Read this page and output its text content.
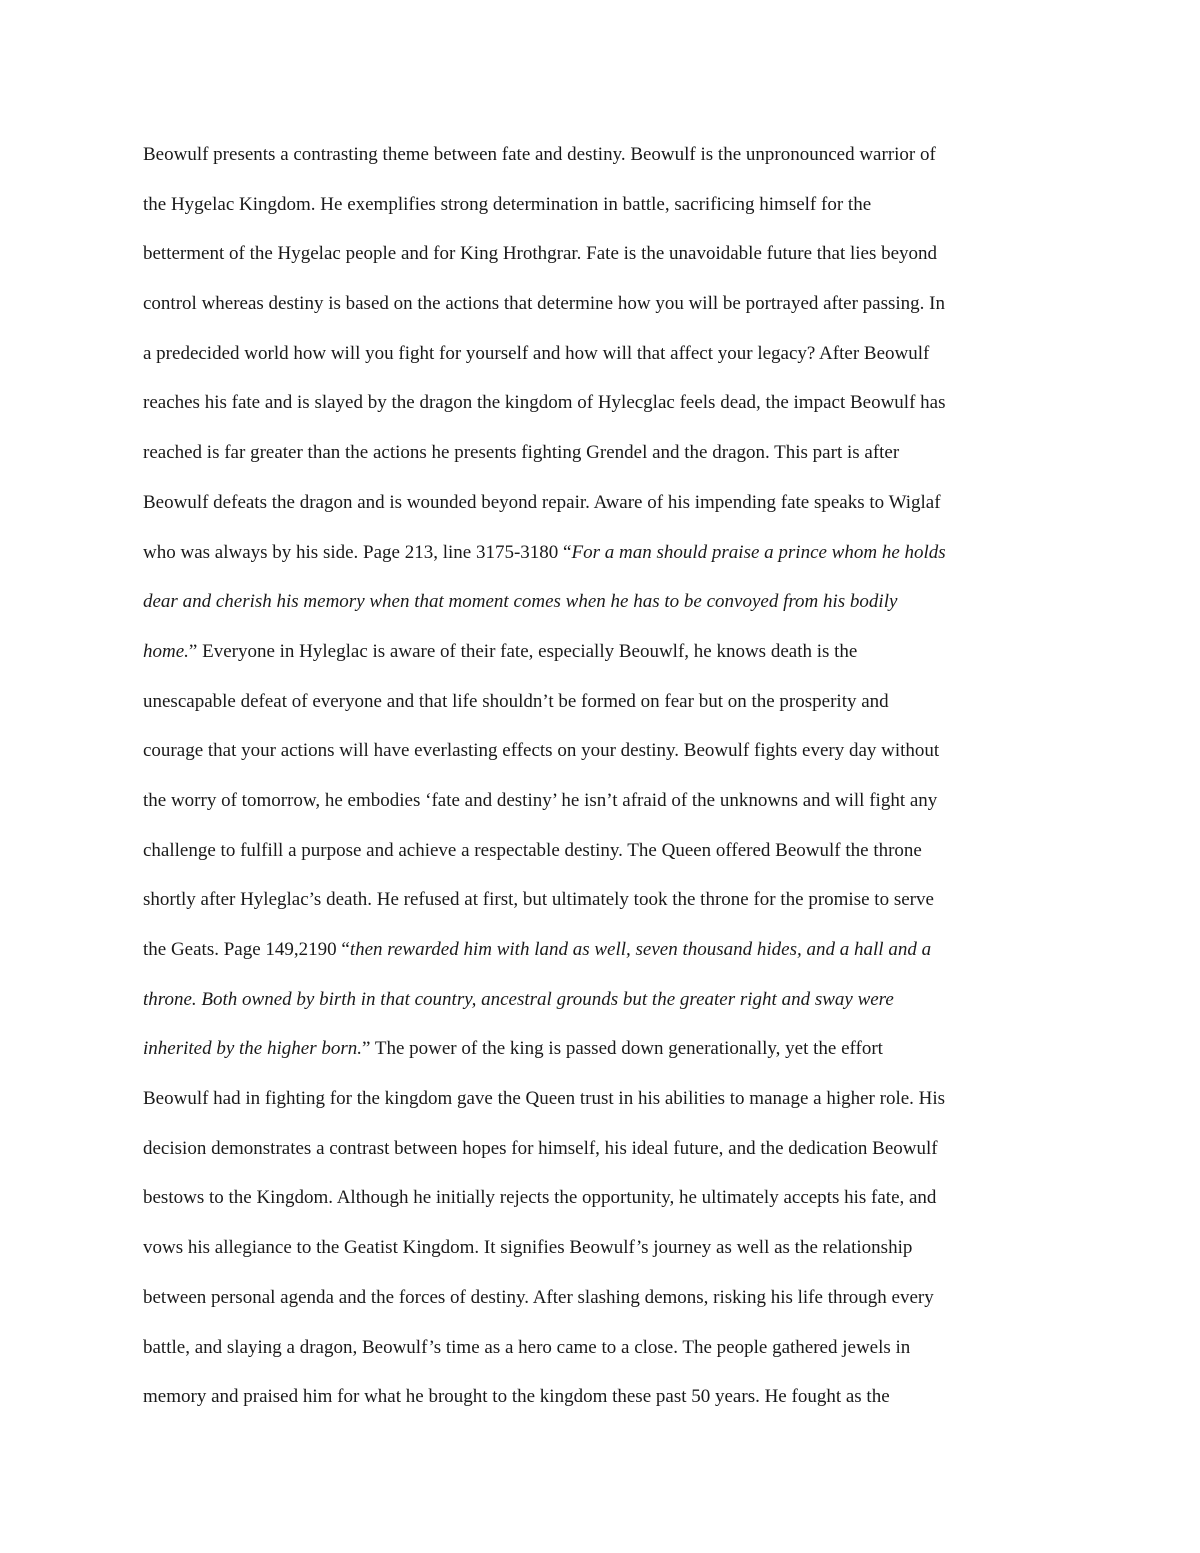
Beowulf presents a contrasting theme between fate and destiny. Beowulf is the unpronounced warrior of
the Hygelac Kingdom. He exemplifies strong determination in battle, sacrificing himself for the
betterment of the Hygelac people and for King Hrothgrar. Fate is the unavoidable future that lies beyond
control whereas destiny is based on the actions that determine how you will be portrayed after passing. In
a predecided world how will you fight for yourself and how will that affect your legacy? After Beowulf
reaches his fate and is slayed by the dragon the kingdom of Hylecglac feels dead, the impact Beowulf has
reached is far greater than the actions he presents fighting Grendel and the dragon. This part is after
Beowulf defeats the dragon and is wounded beyond repair. Aware of his impending fate speaks to Wiglaf
who was always by his side. Page 213, line 3175-3180 “For a man should praise a prince whom he holds
dear and cherish his memory when that moment comes when he has to be convoyed from his bodily
home.” Everyone in Hyleglac is aware of their fate, especially Beouwlf, he knows death is the
unescapable defeat of everyone and that life shouldn’t be formed on fear but on the prosperity and
courage that your actions will have everlasting effects on your destiny. Beowulf fights every day without
the worry of tomorrow, he embodies ‘fate and destiny’ he isn’t afraid of the unknowns and will fight any
challenge to fulfill a purpose and achieve a respectable destiny. The Queen offered Beowulf the throne
shortly after Hyleglac’s death. He refused at first, but ultimately took the throne for the promise to serve
the Geats. Page 149,2190 “then rewarded him with land as well, seven thousand hides, and a hall and a
throne. Both owned by birth in that country, ancestral grounds but the greater right and sway were
inherited by the higher born.” The power of the king is passed down generationally, yet the effort
Beowulf had in fighting for the kingdom gave the Queen trust in his abilities to manage a higher role. His
decision demonstrates a contrast between hopes for himself, his ideal future, and the dedication Beowulf
bestows to the Kingdom. Although he initially rejects the opportunity, he ultimately accepts his fate, and
vows his allegiance to the Geatist Kingdom. It signifies Beowulf’s journey as well as the relationship
between personal agenda and the forces of destiny. After slashing demons, risking his life through every
battle, and slaying a dragon, Beowulf’s time as a hero came to a close. The people gathered jewels in
memory and praised him for what he brought to the kingdom these past 50 years. He fought as the
